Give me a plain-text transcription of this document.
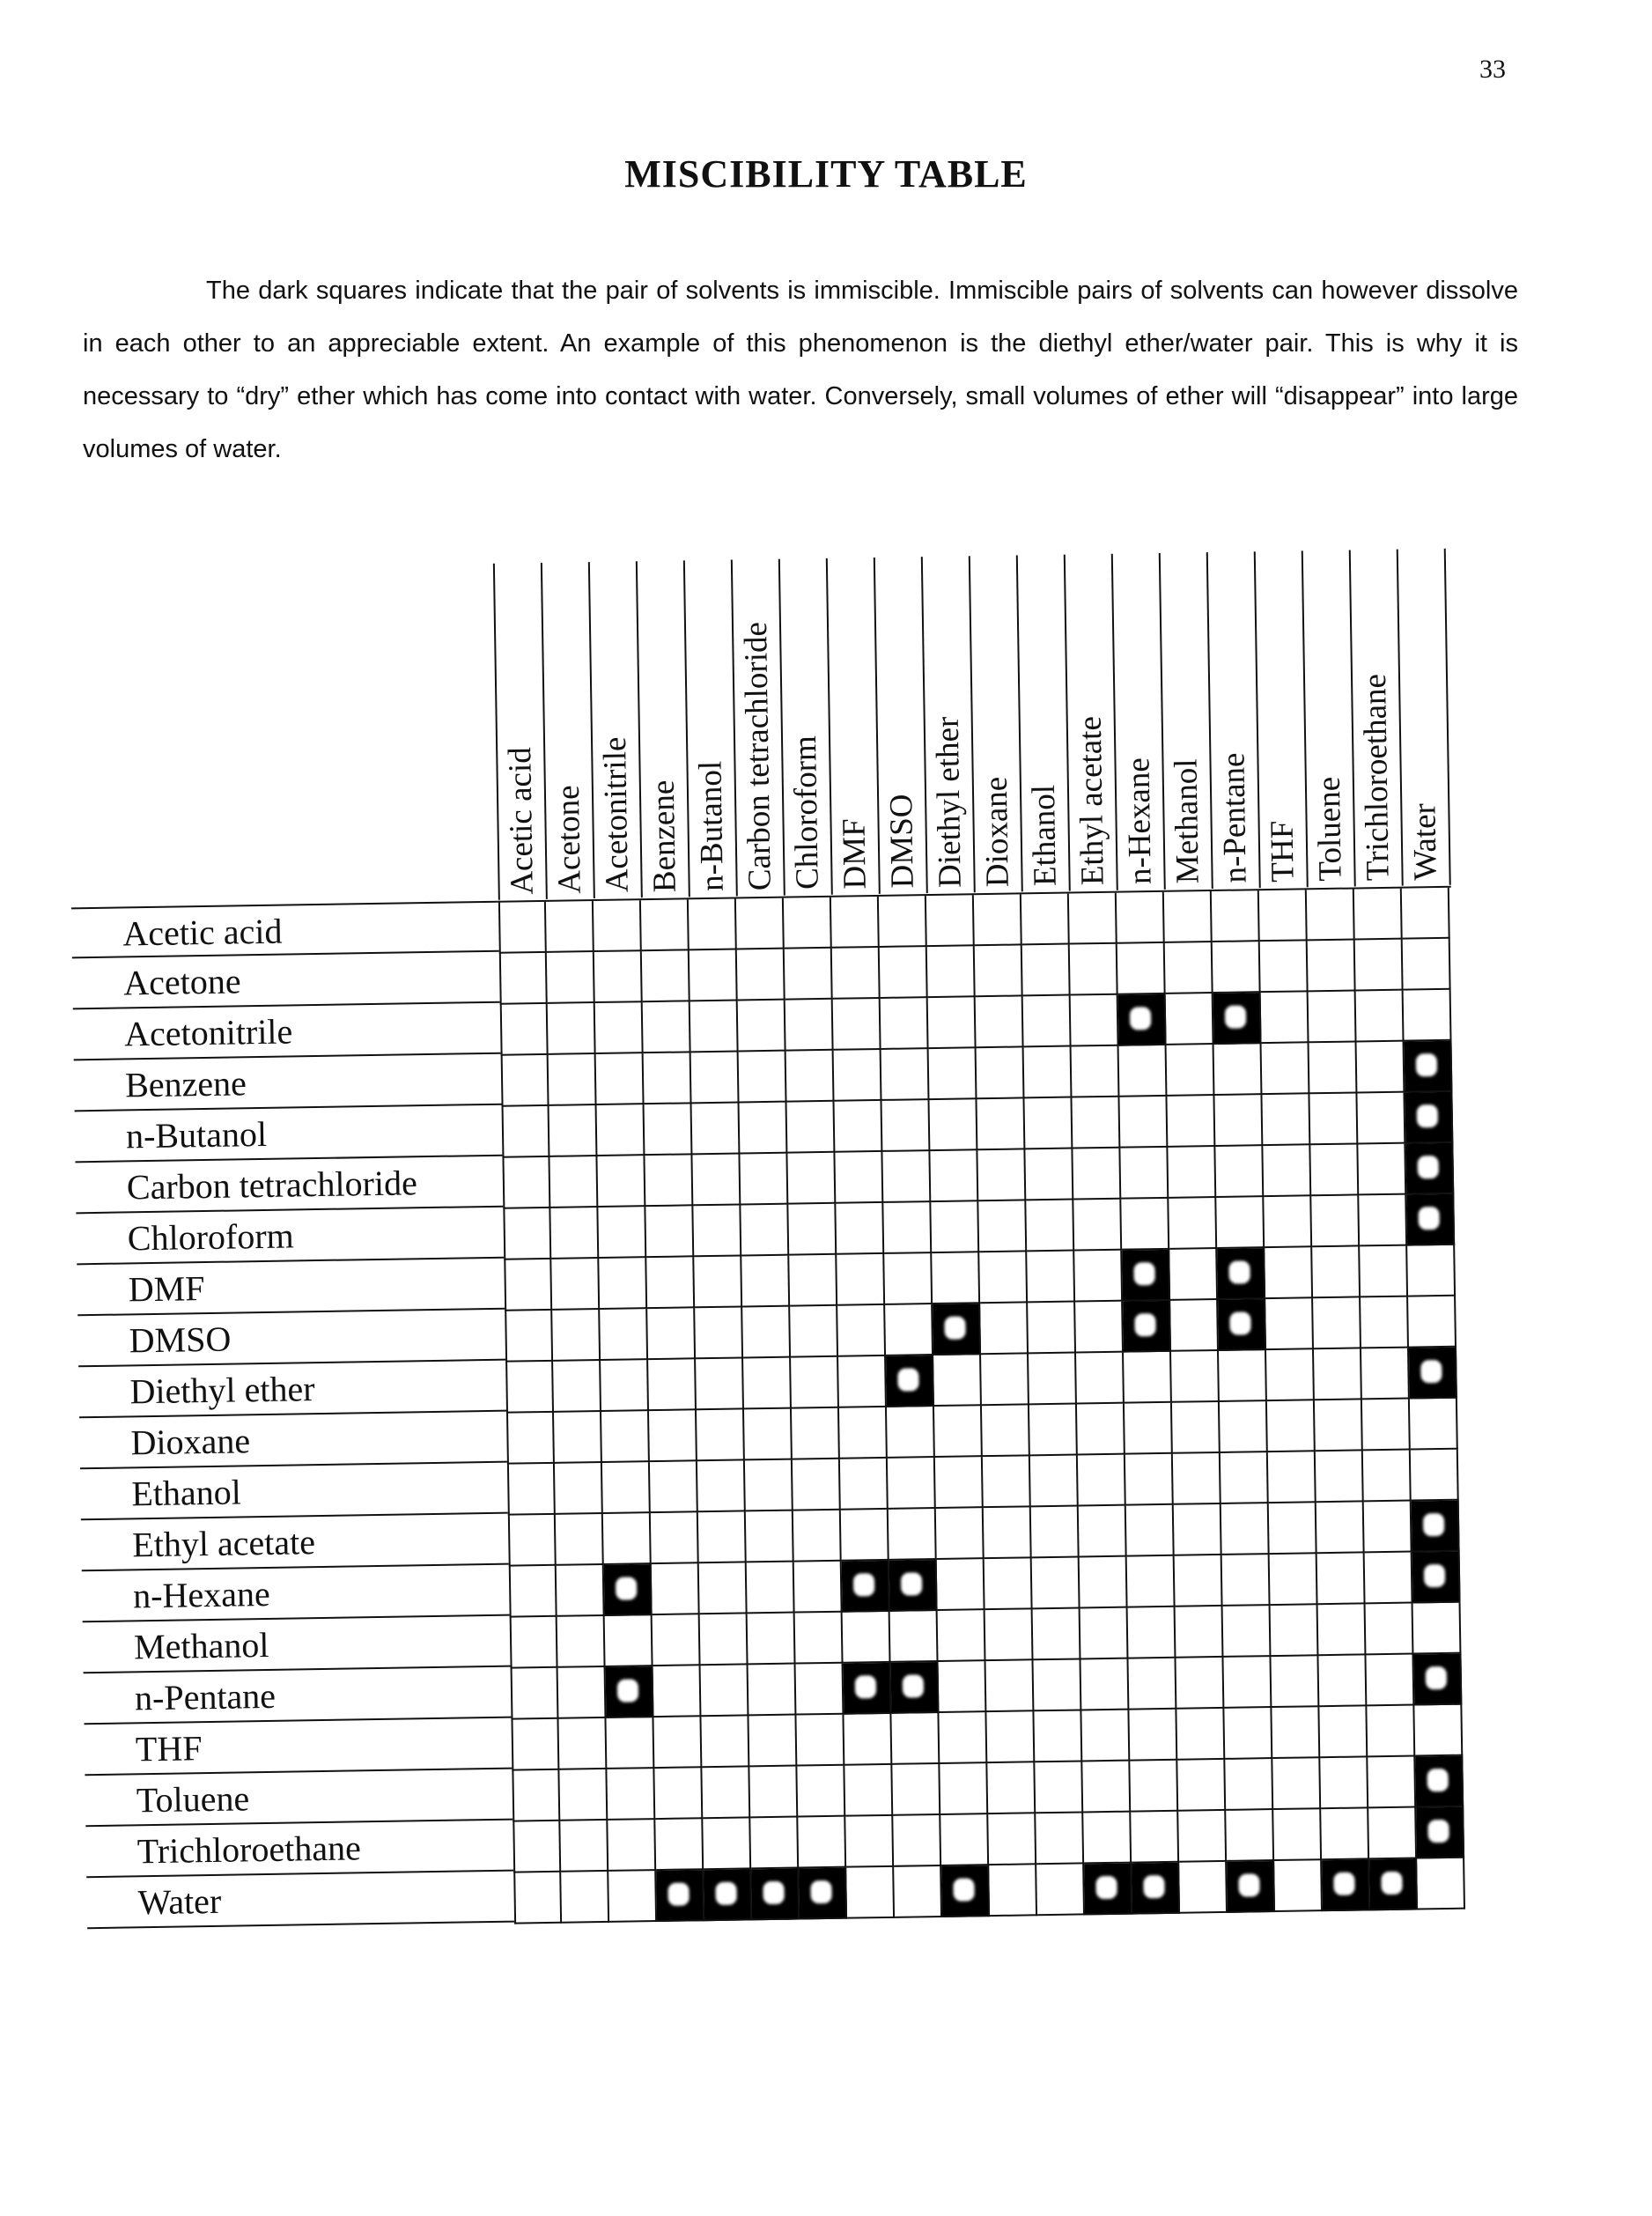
33
MISCIBILITY TABLE
The dark squares indicate that the pair of solvents is immiscible. Immiscible pairs of solvents can however dissolve in each other to an appreciable extent. An example of this phenomenon is the diethyl ether/water pair. This is why it is necessary to “dry” ether which has come into contact with water. Conversely, small volumes of ether will “disappear” into large volumes of water.
Acetic acid Acetone Acetonitrile Benzene n-Butanol Carbon tetrachloride Chloroform DMF DMSO Diethyl ether Dioxane Ethanol Ethyl acetate n-Hexane Methanol n-Pentane THF Toluene Trichloroethane Water
Acetic acid
Acetone
Acetonitrile
Benzene
n-Butanol
Carbon tetrachloride
Chloroform
DMF
DMSO
Diethyl ether
Dioxane
Ethanol
Ethyl acetate
n-Hexane
Methanol
n-Pentane
THF
Toluene
Trichloroethane
Water
